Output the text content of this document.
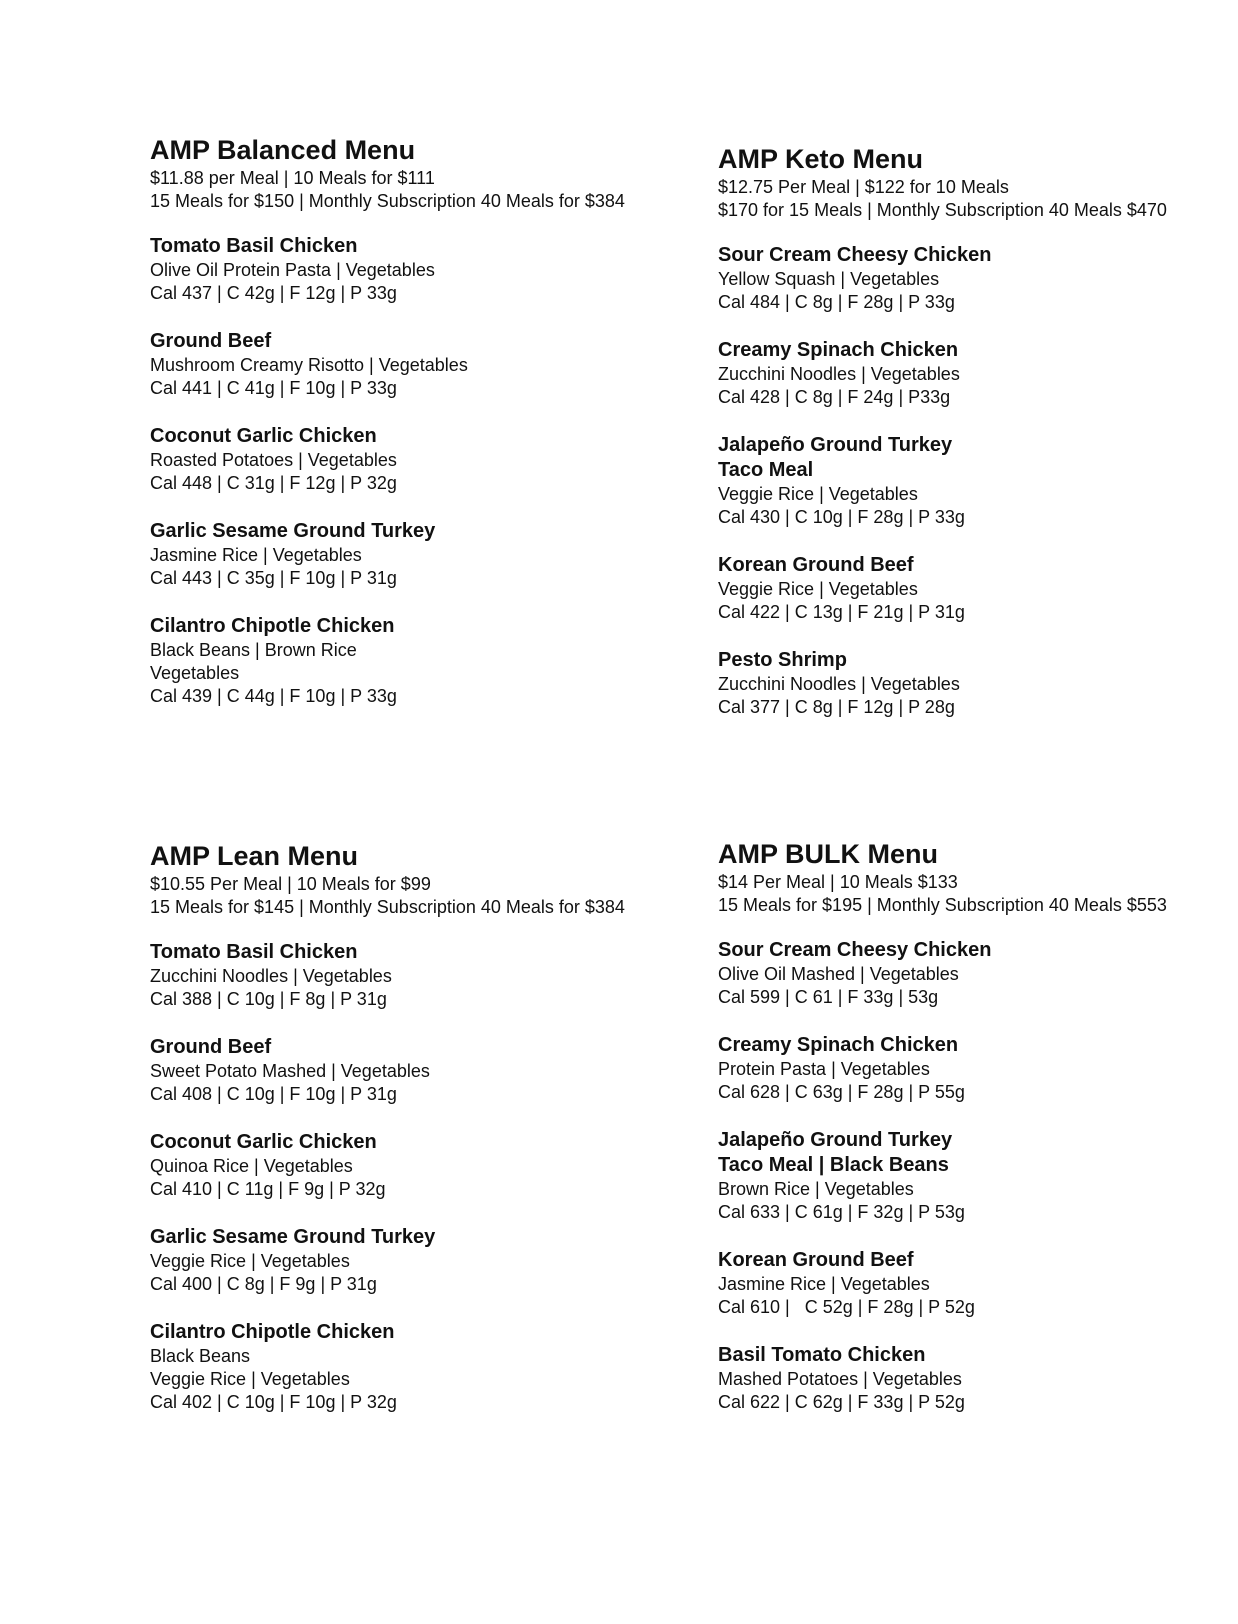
AMP Balanced Menu
$11.88 per Meal | 10 Meals for $111
15 Meals for $150 | Monthly Subscription 40 Meals for $384
Tomato Basil Chicken
Olive Oil Protein Pasta | Vegetables
Cal 437 | C 42g | F 12g | P 33g
Ground Beef
Mushroom Creamy Risotto | Vegetables
Cal 441 | C 41g | F 10g | P 33g
Coconut Garlic Chicken
Roasted Potatoes | Vegetables
Cal 448 | C 31g | F 12g | P 32g
Garlic Sesame Ground Turkey
Jasmine Rice | Vegetables
Cal 443 | C 35g | F 10g | P 31g
Cilantro Chipotle Chicken
Black Beans | Brown Rice
Vegetables
Cal 439 | C 44g | F 10g | P 33g
AMP Keto Menu
$12.75 Per Meal | $122 for 10 Meals
$170 for 15 Meals | Monthly Subscription 40 Meals $470
Sour Cream Cheesy Chicken
Yellow Squash | Vegetables
Cal 484 | C 8g | F 28g | P 33g
Creamy Spinach Chicken
Zucchini Noodles | Vegetables
Cal 428 | C 8g | F 24g | P33g
Jalapeño Ground Turkey
Taco Meal
Veggie Rice | Vegetables
Cal 430 | C 10g | F 28g | P 33g
Korean Ground Beef
Veggie Rice | Vegetables
Cal 422 | C 13g | F 21g | P 31g
Pesto Shrimp
Zucchini Noodles | Vegetables
Cal 377 | C 8g | F 12g | P 28g
AMP Lean Menu
$10.55 Per Meal | 10 Meals for $99
15 Meals for $145 | Monthly Subscription 40 Meals for $384
Tomato Basil Chicken
Zucchini Noodles | Vegetables
Cal 388 | C 10g | F 8g | P 31g
Ground Beef
Sweet Potato Mashed | Vegetables
Cal 408 | C 10g | F 10g | P 31g
Coconut Garlic Chicken
Quinoa Rice | Vegetables
Cal 410 | C 11g | F 9g | P 32g
Garlic Sesame Ground Turkey
Veggie Rice | Vegetables
Cal 400 | C 8g | F 9g | P 31g
Cilantro Chipotle Chicken
Black Beans
Veggie Rice | Vegetables
Cal 402 | C 10g | F 10g | P 32g
AMP BULK Menu
$14 Per Meal | 10 Meals $133
15 Meals for $195 | Monthly Subscription 40 Meals $553
Sour Cream Cheesy Chicken
Olive Oil Mashed | Vegetables
Cal 599 | C 61 | F 33g | 53g
Creamy Spinach Chicken
Protein Pasta | Vegetables
Cal 628 | C 63g | F 28g | P 55g
Jalapeño Ground Turkey
Taco Meal | Black Beans
Brown Rice | Vegetables
Cal 633 | C 61g | F 32g | P 53g
Korean Ground Beef
Jasmine Rice | Vegetables
Cal 610 |   C 52g | F 28g | P 52g
Basil Tomato Chicken
Mashed Potatoes | Vegetables
Cal 622 | C 62g | F 33g | P 52g
